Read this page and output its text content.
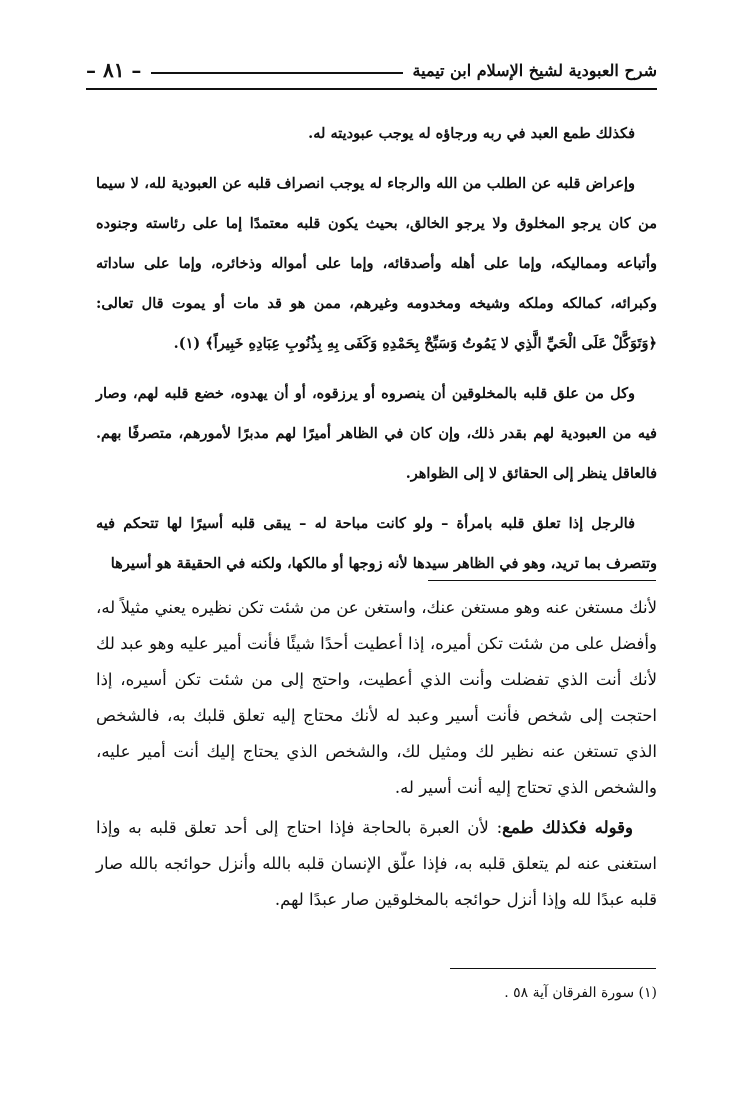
شرح العبودية لشيخ الإسلام ابن تيمية
– ٨١ –

فكذلك طمع العبد في ربه ورجاؤه له يوجب عبوديته له.

وإعراض قلبه عن الطلب من الله والرجاء له يوجب انصراف قلبه عن العبودية لله، لا سيما من كان يرجو المخلوق ولا يرجو الخالق، بحيث يكون قلبه معتمدًا إما على رئاسته وجنوده وأتباعه ومماليكه، وإما على أهله وأصدقائه، وإما على أمواله وذخائره، وإما على ساداته وكبرائه، كمالكه وملكه وشيخه ومخدومه وغيرهم، ممن هو قد مات أو يموت قال تعالى: ﴿وَتَوَكَّلْ عَلَى الْحَيِّ الَّذِي لا يَمُوتُ وَسَبِّحْ بِحَمْدِهِ وَكَفَى بِهِ بِذُنُوبِ عِبَادِهِ خَبِيراً﴾ (١).

وكل من علق قلبه بالمخلوقين أن ينصروه أو يرزقوه، أو أن يهدوه، خضع قلبه لهم، وصار فيه من العبودية لهم بقدر ذلك، وإن كان في الظاهر أميرًا لهم مدبرًا لأمورهم، متصرفًا بهم. فالعاقل ينظر إلى الحقائق لا إلى الظواهر.

فالرجل إذا تعلق قلبه بامرأة – ولو كانت مباحة له – يبقى قلبه أسيرًا لها تتحكم فيه وتتصرف بما تريد، وهو في الظاهر سيدها لأنه زوجها أو مالكها، ولكنه في الحقيقة هو أسيرها

لأنك مستغن عنه وهو مستغن عنك، واستغن عن من شئت تكن نظيره يعني مثيلاً له، وأفضل على من شئت تكن أميره، إذا أعطيت أحدًا شيئًا فأنت أمير عليه وهو عبد لك لأنك أنت الذي تفضلت وأنت الذي أعطيت، واحتج إلى من شئت تكن أسيره، إذا احتجت إلى شخص فأنت أسير وعبد له لأنك محتاج إليه تعلق قلبك به، فالشخص الذي تستغن عنه نظير لك ومثيل لك، والشخص الذي يحتاج إليك أنت أمير عليه، والشخص الذي تحتاج إليه أنت أسير له.

وقوله فكذلك طمع: لأن العبرة بالحاجة فإذا احتاج إلى أحد تعلق قلبه به وإذا استغنى عنه لم يتعلق قلبه به، فإذا علّق الإنسان قلبه بالله وأنزل حوائجه بالله صار قلبه عبدًا لله وإذا أنزل حوائجه بالمخلوقين صار عبدًا لهم.

(١) سورة الفرقان آية ٥٨ .
